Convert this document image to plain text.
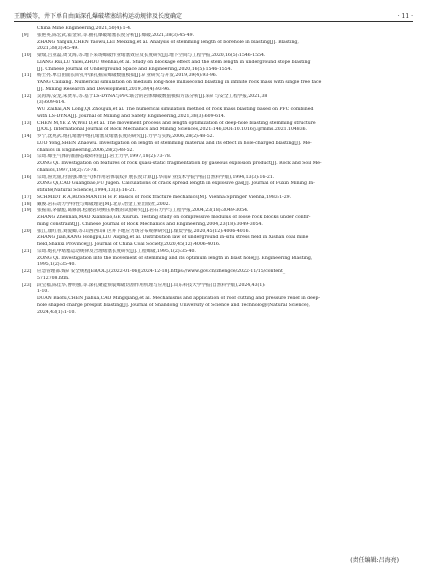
王鹏媛等，井下单自由面深孔爆破堵塞结构运动规律及长度确定	· 11 ·
China Mine Engineering,2021,50(4):1-4.
[9] 张艳英,陈宏武,霍金荣,等.抽孔爆破堵塞长度分析[J].爆破,2021,38(3):45-49.
ZHANG Yanjun,CHEN Yaowu,LEI Meixing,et al. Analysis of stemming length of borehole in blasting[J]. Blasting,
2021,38(3):45-49.
[10] 梁瑞,吕亚磊,周文海,等.地下采场爆破作业堵塞效应及长度研究[J].地下空间与工程学报,2020,16(5):1546-1554.
LIANG Rui,LU Yalei,ZHOU Wenhai,et al. Study on blockage effect and the stem length in underground stope blasting
[J]. Chinese Journal of Underground Space and Engineering,2020,16(5):1546-1554.
[11] 杨士亮.单自由面长阶孔中深孔掘采爆破数值模拟[J].矿业研究与开发,2019,39(4):93-96.
YANG Cailiang. Numerical simulation on medium long-hole millisecond blasting in infinite rock mass with single free face
[J]. Mining Research and Development,2019,39(4):93-96.
[12] 吴再海,安龙,朱贤军,等.基于LS-DYNA与PFC联合的岩体爆破数值模拟方法分析[J].采矿与安全工程学报,2021,38
(3):609-614.
WU Zaihai,AN Long,QI Zhoujun,et al. The numerical simulation method of rock mass blasting based on PFC combined
with LS-DYNA[J]. Journal of Mining and Safety Engineering,2021,38(3):609-614.
[13] CHEN M,YE Z W,WEI D,et al. The movement process and length optimization of deep-hole blasting stemming structure
[J/OL]. International Journal of Rock Mechanics and Mining Sciences,2021:146,DOI:10.1016/j.ijrmms.2021.104836.
[14] 罗宁,沈兆武.炮孔堵塞中炮孔堵塞及堵塞长度的研究[J].力学与实践,2006,28(2):48-52.
LUO Yong,SHEN Zhaowu. Investigation on length of stemming material and its effect in hole-charged blasting[J]. Me-
chanics in Engineering,2006,28(2):48-52.
[15] 宗琦.爆生气体的准静态破碎特征[J].岩土力学,1997,18(2):73-78.
ZONG Qi. Investigation on features of rock quasi-static fragmentation by gaseous explosion product[J]. Rock and Soil Me-
chanics,1997,18(2):73-78.
[16] 宗琦,鲁光银,付国强.爆生气体作用岩体裂纹扩展长度计算[J].华南矿业技术学院学报(自然科学版),1994,13(3):16-21.
ZONG Qi,CAO Guangbao,FU Jugen. Calculations of crack spread length in explosive gas[J]. Journal of Fuxin Mining In-
stitute(Natural Science),1994,13(3):16-21.
[17] SCHMIDT R A,ROSSMANITH H P. Basics of rock fracture mechanics[M]. Vienna:Springer Vienna,1983:1-29.
[18] 戴俊.岩石动力学特性与爆破理论[M].北京:冶金工业出版社,2002.
[19] 张振南,茅献彪,葛修润.松散岩块侧压系数的试验研究[J].岩石力学与工程学报,2004,23(18):3049-3054.
ZHANG Zhennan,MAO Xianbiao,GE Xiurun. Testing study on compressive modulus of loose rock blocks under confir-
ming constraint[J]. Chinese Journal of Rock Mechanics and Engineering,2004,23(18):3049-3054.
[20] 张江,康红普,刘爱卿,等.山西西山矿区井下地应力场分布规律研究[J].煤炭学报,2020,45(12):4006-4016.
ZHANG Jian,KANG Hongpu,LIU Aiqing,et al. Distribution law of underground in-situ stress field in Xishan coal mine
field,Shanxi Province[J]. Journal of China Coal Society,2020,45(12):4006-4016.
[21] 宗琦.炮孔中堵塞运动规律及合理堵塞长度研究[J].工程爆破,1995,1(2):35-40.
ZONG Qi. Investigation into the movement of stemming and its optimum length in blast hole[J]. Engineering Blasting,
1995,1(2):35-40.
[22] 应急管理部.煤矿安全规程[EB/OL].(2022-01-06)[2024-12-18].https://www.gov.cn/zhengce/2022-11/15/content_
5712708.htm.
[23] 段宝福,陈佳华,曹明强,等.深孔聚能预裂爆破切割作用机理与应用[J].山东科技大学学报(自然科学版),2024,43(1):
1-10.
DUAN Baofu,CHEN Jiahua,CAO Mingqiang,et al. Mechanisms and application of roof cutting and pressure relief in deep-
hole shaped charge presplit blasting[J]. Journal of Shandong University of Science and Technology(Natural Science),
2024,43(1):1-10.
(责任编辑:吕海亮)
